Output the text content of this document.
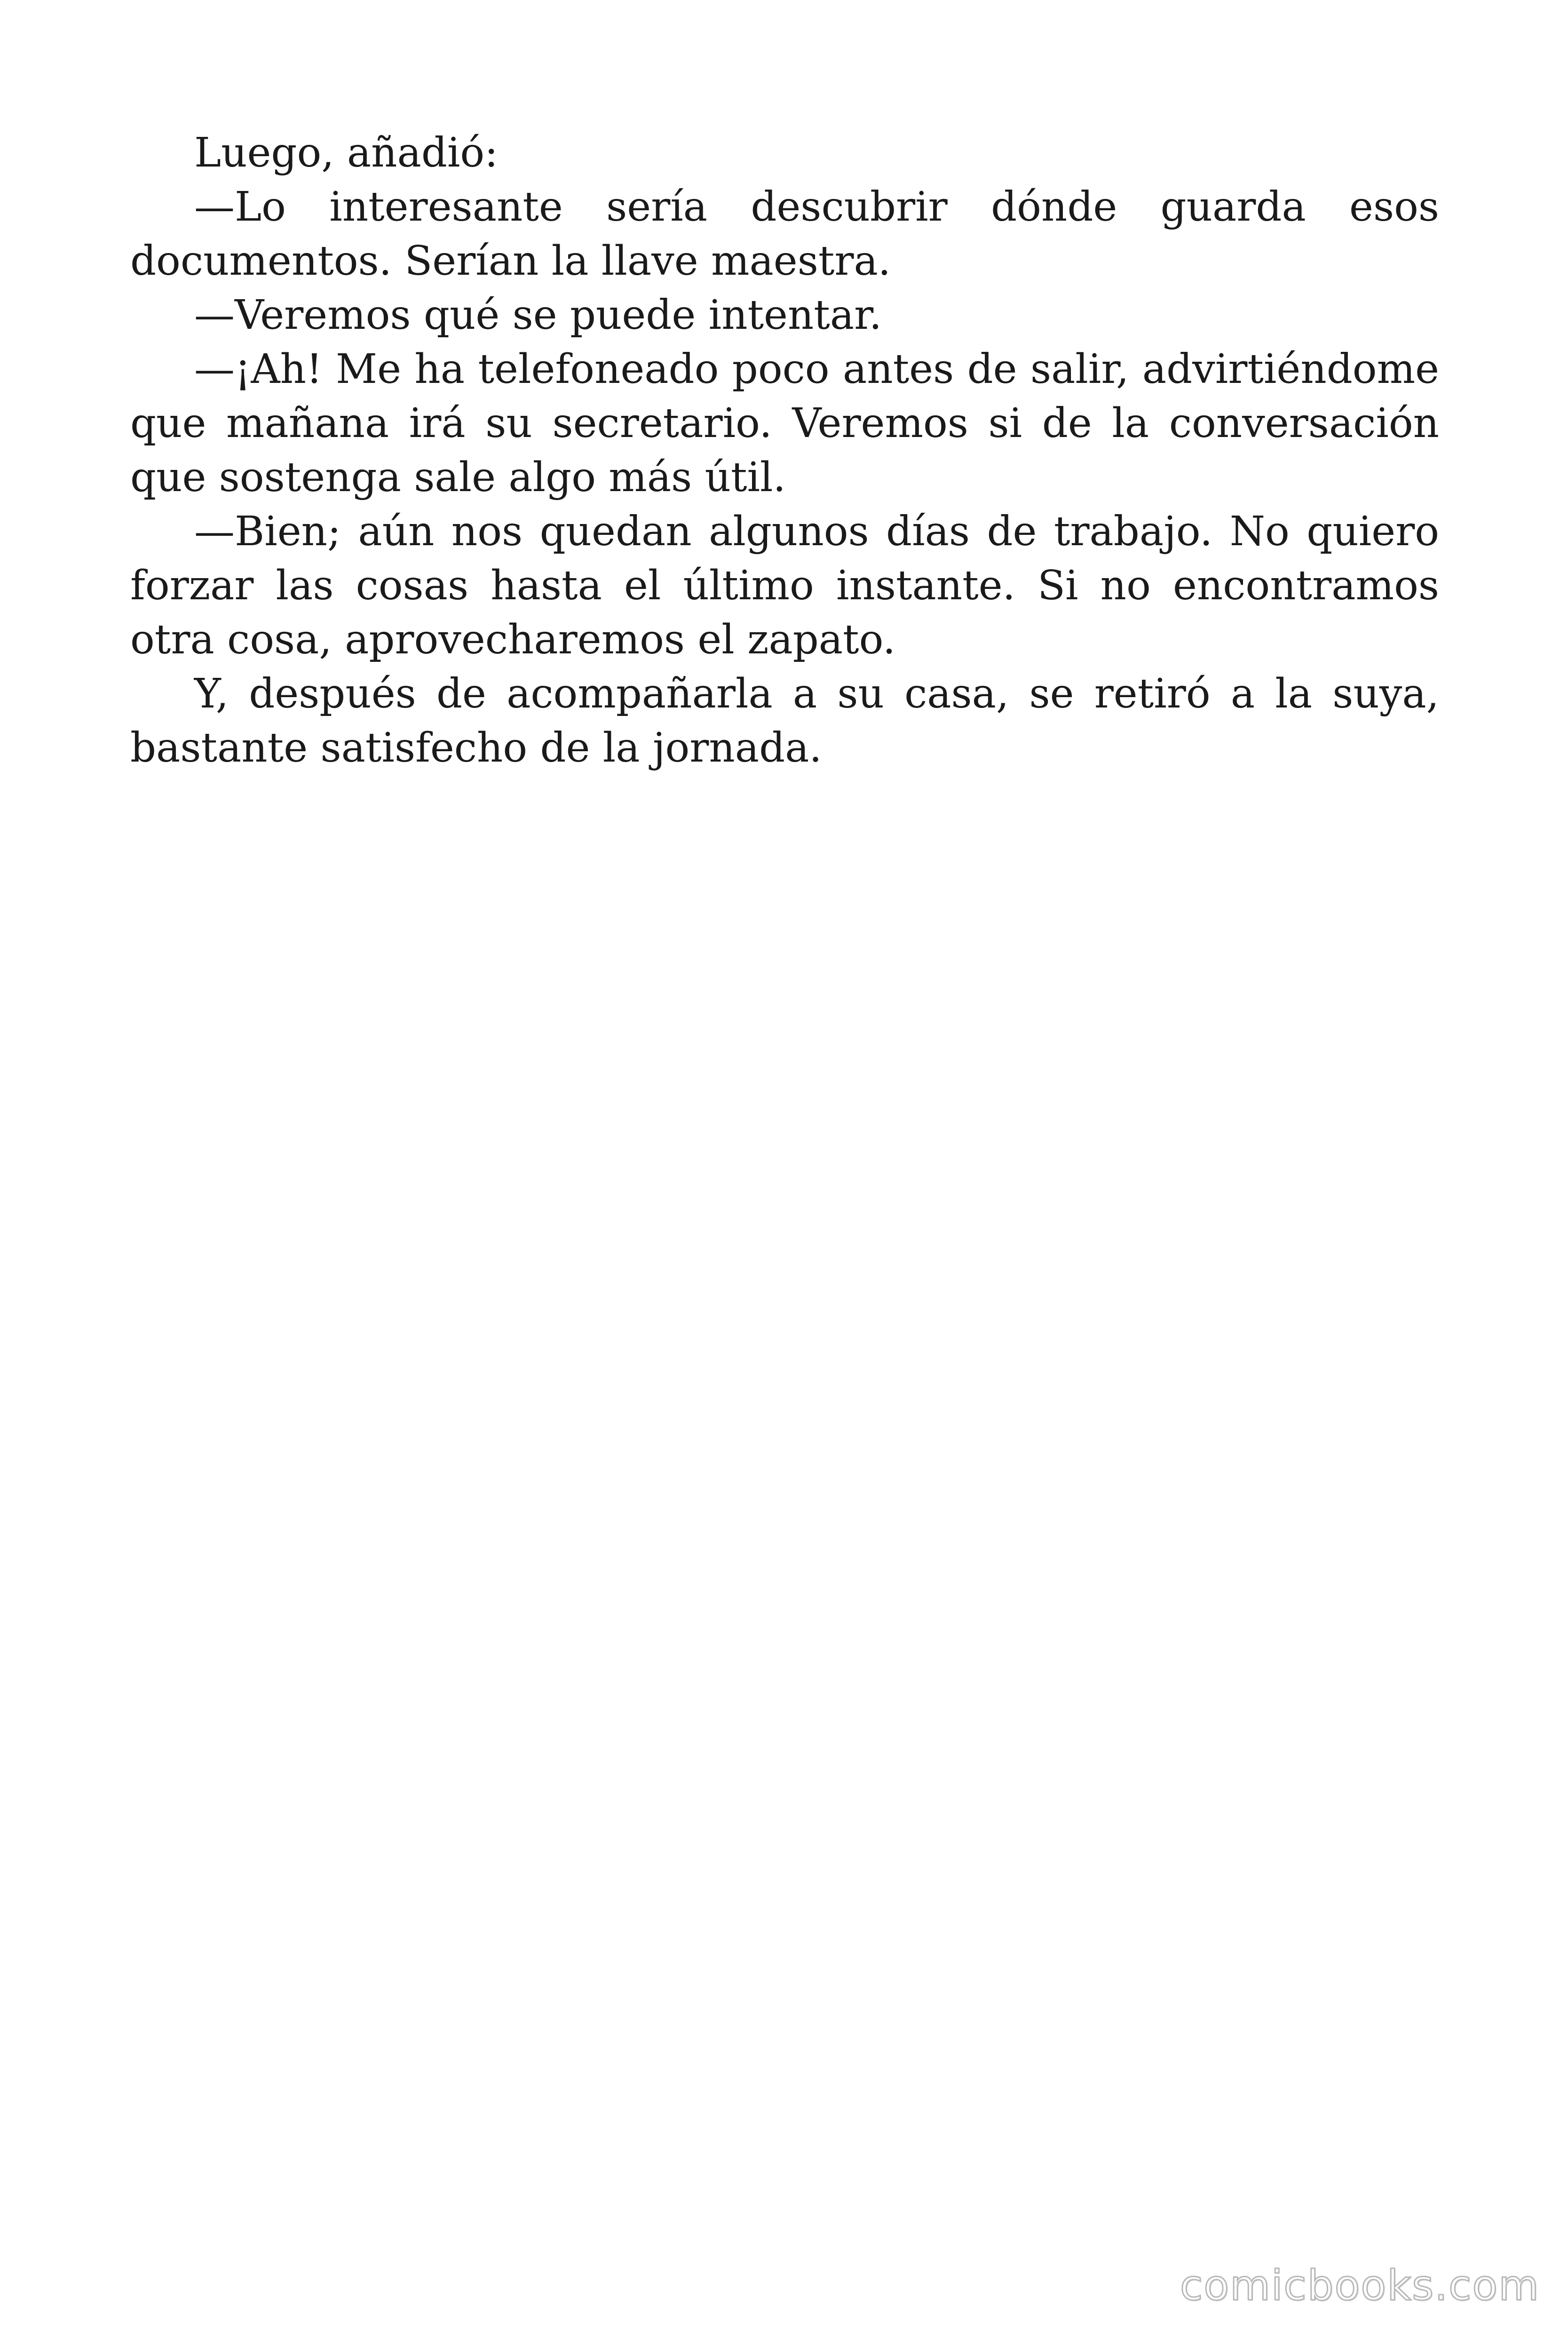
Luego, añadió:

—Lo interesante sería descubrir dónde guarda esos documentos. Serían la llave maestra.

—Veremos qué se puede intentar.

—¡Ah! Me ha telefoneado poco antes de salir, advirtiéndome que mañana irá su secretario. Veremos si de la conversación que sostenga sale algo más útil.

—Bien; aún nos quedan algunos días de trabajo. No quiero forzar las cosas hasta el último instante. Si no encontramos otra cosa, aprovecharemos el zapato.

Y, después de acompañarla a su casa, se retiró a la suya, bastante satisfecho de la jornada.

comicbooks.com
